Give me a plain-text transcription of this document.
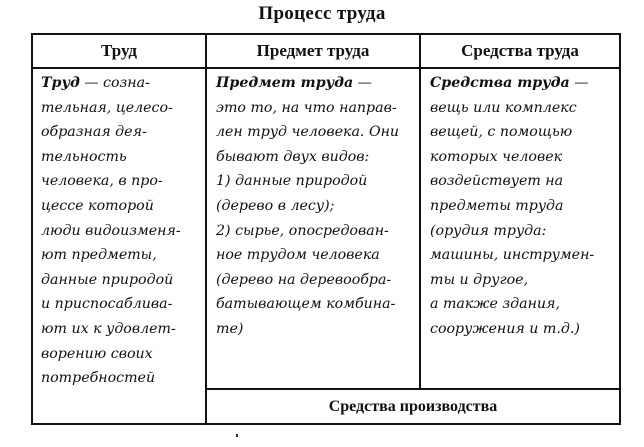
Процесс труда
Труд	Предмет труда	Средства труда
Труд — созна-
тельная, целесо-
образная дея-
тельность
человека, в про-
цессе которой
люди видоизменя-
ют предметы,
данные природой
и приспосаблива-
ют их к удовлет-
ворению своих
потребностей
Предмет труда —
это то, на что направ-
лен труд человека. Они
бывают двух видов:
1) данные природой
(дерево в лесу);
2) сырье, опосредован-
ное трудом человека
(дерево на деревообра-
батывающем комбина-
те)
Средства труда —
вещь или комплекс
вещей, с помощью
которых человек
воздействует на
предметы труда
(орудия труда:
машины, инструмен-
ты и другое,
а также здания,
сооружения и т.д.)
Средства производства
